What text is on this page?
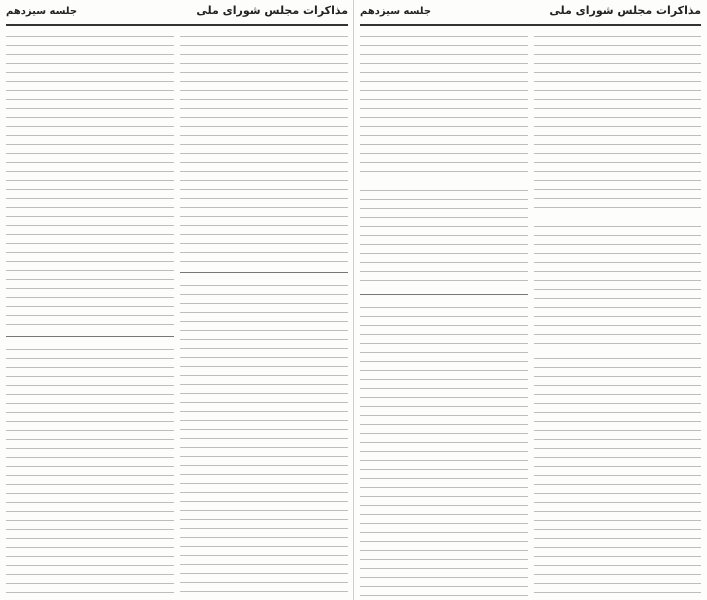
مذاکرات مجلس شورای ملی
جلسه سیزدهم
مذاکرات مجلس شورای ملی
جلسه سیزدهم
